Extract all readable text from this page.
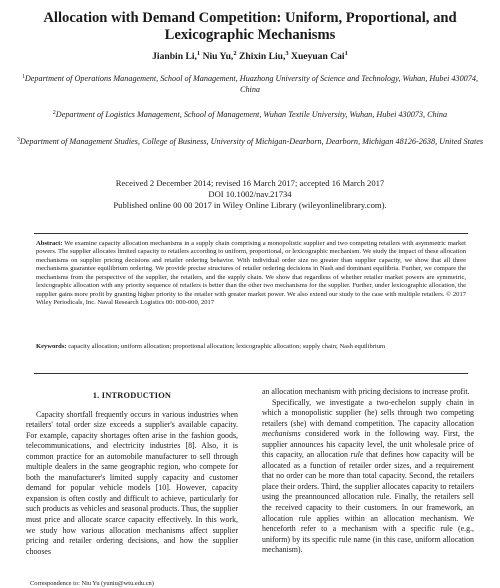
Allocation with Demand Competition: Uniform, Proportional, and Lexicographic Mechanisms
Jianbin Li,$^1$ Niu Yu,$^2$ Zhixin Liu,$^3$ Xueyuan Cai$^1$
$^1$Department of Operations Management, School of Management, Huazhong University of Science and Technology, Wuhan, Hubei 430074, China
$^2$Department of Logistics Management, School of Management, Wuhan Textile University, Wuhan, Hubei 430073, China
$^3$Department of Management Studies, College of Business, University of Michigan-Dearborn, Dearborn, Michigan 48126-2638, United States
Received 2 December 2014; revised 16 March 2017; accepted 16 March 2017
DOI 10.1002/nav.21734
Published online 00 00 2017 in Wiley Online Library (wileyonlinelibrary.com).
Abstract: We examine capacity allocation mechanisms in a supply chain comprising a monopolistic supplier and two competing retailers with asymmetric market powers. The supplier allocates limited capacity to retailers according to uniform, proportional, or lexicographic mechanism. We study the impact of these allocation mechanisms on supplier pricing decisions and retailer ordering behavior. With individual order size no greater than supplier capacity, we show that all three mechanisms guarantee equilibrium ordering. We provide precise structures of retailer ordering decisions in Nash and dominant equilibria. Further, we compare the mechanisms from the perspective of the supplier, the retailers, and the supply chain. We show that regardless of whether retailer market powers are symmetric, lexicographic allocation with any priority sequence of retailers is better than the other two mechanisms for the supplier. Further, under lexicographic allocation, the supplier gains more profit by granting higher priority to the retailer with greater market power. We also extend our study to the case with multiple retailers. © 2017 Wiley Periodicals, Inc. Naval Research Logistics 00: 000-000, 2017
Keywords: capacity allocation; uniform allocation; proportional allocation; lexicographic allocation; supply chain; Nash equilibrium
1. INTRODUCTION

Capacity shortfall frequently occurs in various industries when retailers' total order size exceeds a supplier's available capacity. For example, capacity shortages often arise in the fashion goods, telecommunications, and electricity industries [8]. Also, it is common practice for an automobile manufacturer to sell through multiple dealers in the same geographic region, who compete for both the manufacturer's limited supply capacity and customer demand for popular vehicle models [10]. However, capacity expansion is often costly and difficult to achieve, particularly for such products as vehicles and seasonal products. Thus, the supplier must price and allocate scarce capacity effectively. In this work, we study how various allocation mechanisms affect supplier pricing and retailer ordering decisions, and how the supplier chooses

an allocation mechanism with pricing decisions to increase profit.

Specifically, we investigate a two-echelon supply chain in which a monopolistic supplier (he) sells through two competing retailers (she) with demand competition. The capacity allocation mechanisms considered work in the following way. First, the supplier announces his capacity level, the unit wholesale price of this capacity, an allocation rule that defines how capacity will be allocated as a function of retailer order sizes, and a requirement that no order can be more than total capacity. Second, the retailers place their orders. Third, the supplier allocates capacity to retailers using the preannounced allocation rule. Finally, the retailers sell the received capacity to their customers. In our framework, an allocation rule applies within an allocation mechanism. We henceforth refer to a mechanism with a specific rule (e.g., uniform) by its specific rule name (in this case, uniform allocation mechanism).

Correspondence to: Niu Yu (yuniu@wtu.edu.cn)
